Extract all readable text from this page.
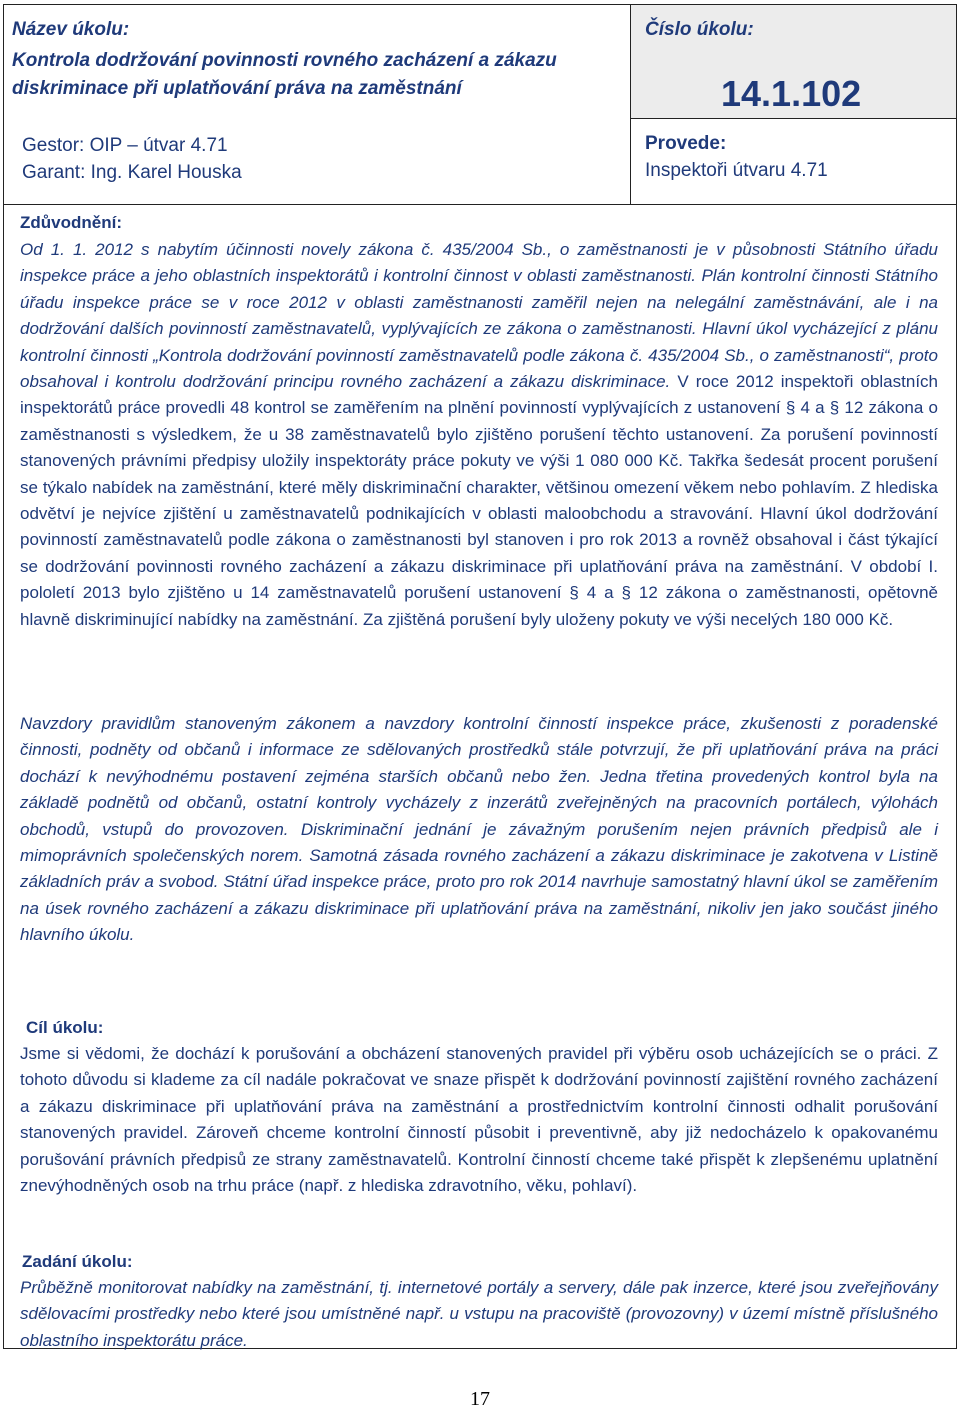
Název úkolu:
Kontrola dodržování povinnosti rovného zacházení a zákazu
diskriminace při uplatňování práva na zaměstnání
Gestor: OIP – útvar 4.71
Garant: Ing. Karel Houska
Číslo úkolu:
14.1.102
Provede:
Inspektoři útvaru 4.71
Zdůvodnění:
Od 1. 1. 2012 s nabytím účinnosti novely zákona č. 435/2004 Sb., o zaměstnanosti je v působnosti Státního úřadu inspekce práce a jeho oblastních inspektorátů i kontrolní činnost v oblasti zaměstnanosti. Plán kontrolní činnosti Státního úřadu inspekce práce se v roce 2012 v oblasti zaměstnanosti zaměřil nejen na nelegální zaměstnávání, ale i na dodržování dalších povinností zaměstnavatelů, vyplývajících ze zákona o zaměstnanosti. Hlavní úkol vycházející z plánu kontrolní činnosti „Kontrola dodržování povinností zaměstnavatelů podle zákona č. 435/2004 Sb., o zaměstnanosti“, proto obsahoval i kontrolu dodržování principu rovného zacházení a zákazu diskriminace. V roce 2012 inspektoři oblastních inspektorátů práce provedli 48 kontrol se zaměřením na plnění povinností vyplývajících z ustanovení § 4 a § 12 zákona o zaměstnanosti s výsledkem, že u 38 zaměstnavatelů bylo zjištěno porušení těchto ustanovení. Za porušení povinností stanovených právními předpisy uložily inspektoráty práce pokuty ve výši 1 080 000 Kč. Takřka šedesát procent porušení se týkalo nabídek na zaměstnání, které měly diskriminační charakter, většinou omezení věkem nebo pohlavím. Z hlediska odvětví je nejvíce zjištění u zaměstnavatelů podnikajících v oblasti maloobchodu a stravování. Hlavní úkol dodržování povinností zaměstnavatelů podle zákona o zaměstnanosti byl stanoven i pro rok 2013 a rovněž obsahoval i část týkající se dodržování povinnosti rovného zacházení a zákazu diskriminace při uplatňování práva na zaměstnání. V období I. pololetí 2013 bylo zjištěno u 14 zaměstnavatelů porušení ustanovení § 4 a § 12 zákona o zaměstnanosti, opětovně hlavně diskriminující nabídky na zaměstnání. Za zjištěná porušení byly uloženy pokuty ve výši necelých 180 000 Kč.
Navzdory pravidlům stanoveným zákonem a navzdory kontrolní činností inspekce práce, zkušenosti z poradenské činnosti, podněty od občanů i informace ze sdělovaných prostředků stále potvrzují, že při uplatňování práva na práci dochází k nevýhodnému postavení zejména starších občanů nebo žen. Jedna třetina provedených kontrol byla na základě podnětů od občanů, ostatní kontroly vycházely z inzerátů zveřejněných na pracovních portálech, výlohách obchodů, vstupů do provozoven. Diskriminační jednání je závažným porušením nejen právních předpisů ale i mimoprávních společenských norem. Samotná zásada rovného zacházení a zákazu diskriminace je zakotvena v Listině základních práv a svobod. Státní úřad inspekce práce, proto pro rok 2014 navrhuje samostatný hlavní úkol se zaměřením na úsek rovného zacházení a zákazu diskriminace při uplatňování práva na zaměstnání, nikoliv jen jako součást jiného hlavního úkolu.
Cíl úkolu:
Jsme si vědomi, že dochází k porušování a obcházení stanovených pravidel při výběru osob ucházejících se o práci. Z tohoto důvodu si klademe za cíl nadále pokračovat ve snaze přispět k dodržování povinností zajištění rovného zacházení a zákazu diskriminace při uplatňování práva na zaměstnání a prostřednictvím kontrolní činnosti odhalit porušování stanovených pravidel. Zároveň chceme kontrolní činností působit i preventivně, aby již nedocházelo k opakovanému porušování právních předpisů ze strany zaměstnavatelů. Kontrolní činností chceme také přispět k zlepšenému uplatnění znevýhodněných osob na trhu práce (např. z hlediska zdravotního, věku, pohlaví).
Zadání úkolu:
Průběžně monitorovat nabídky na zaměstnání, tj. internetové portály a servery, dále pak inzerce, které jsou zveřejňovány sdělovacími prostředky nebo které jsou umístněné např. u vstupu na pracoviště (provozovny) v území místně příslušného oblastního inspektorátu práce.
17
